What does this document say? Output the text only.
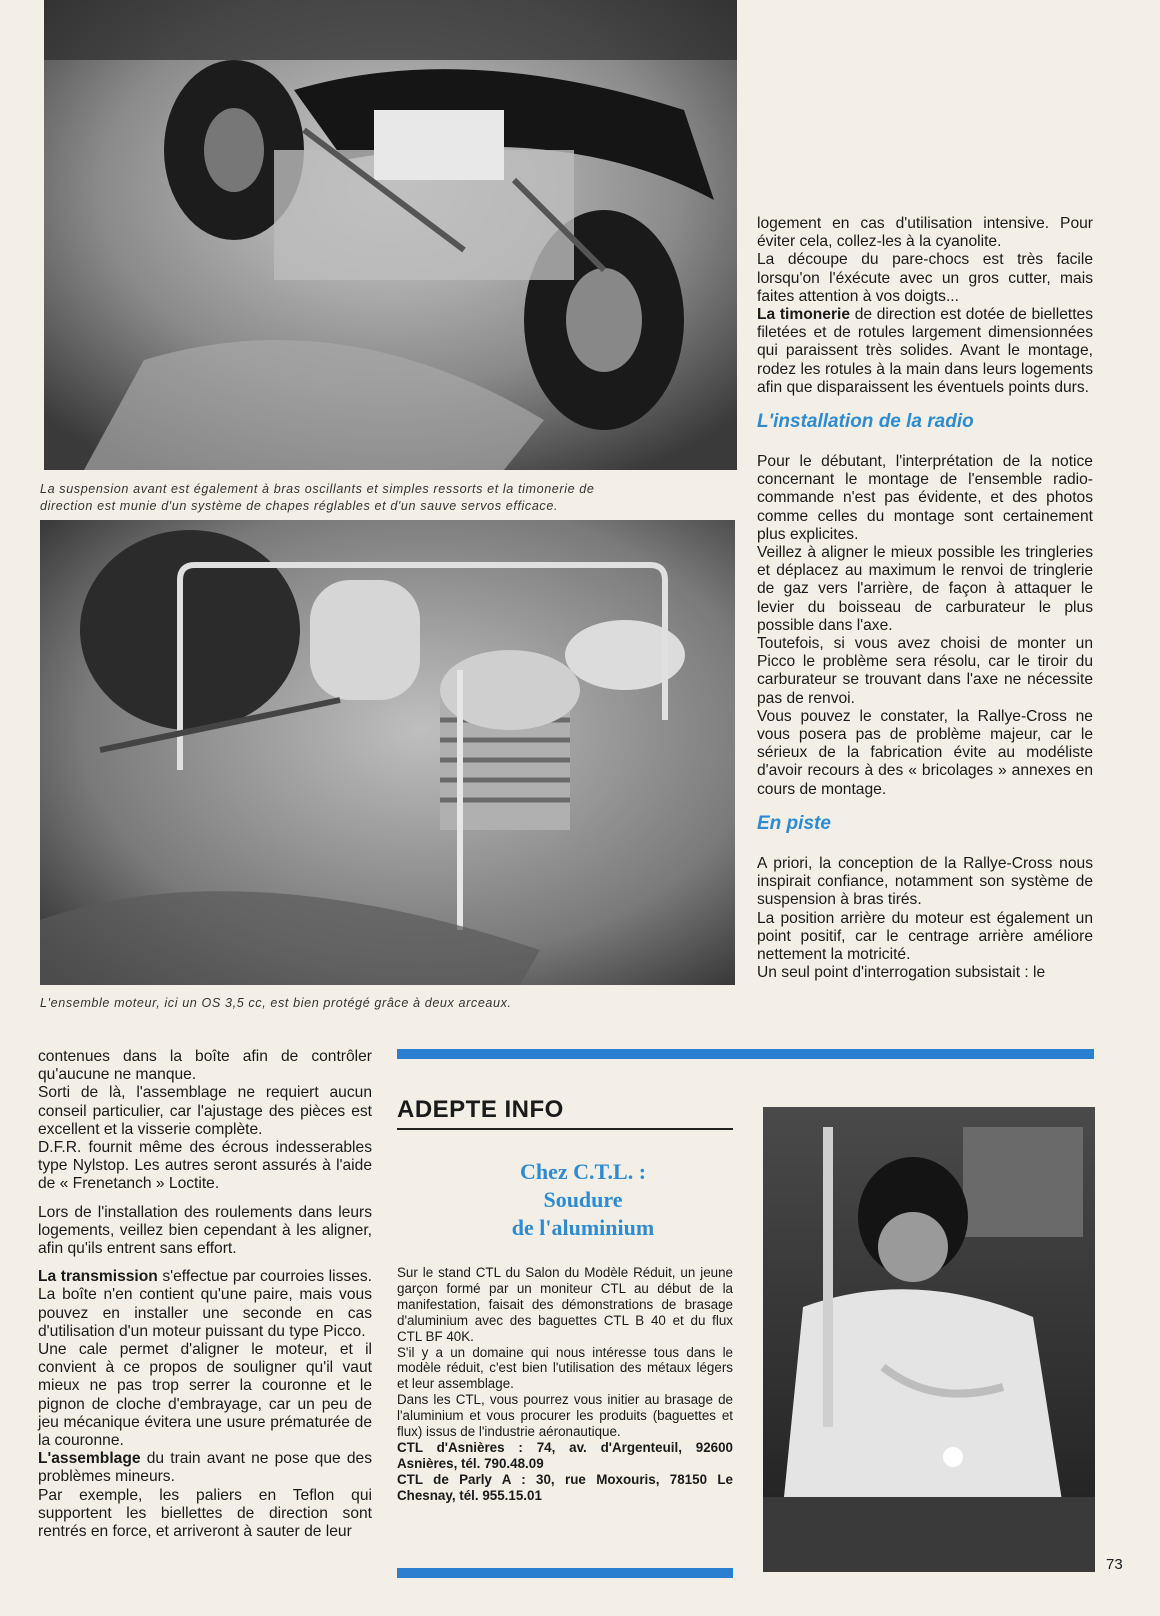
La suspension avant est également à bras oscillants et simples ressorts et la timonerie de
direction est munie d'un système de chapes réglables et d'un sauve servos efficace.
L'ensemble moteur, ici un OS 3,5 cc, est bien protégé grâce à deux arceaux.

logement en cas d'utilisation intensive. Pour éviter cela, collez-les à la cyanolite.

La découpe du pare-chocs est très facile lorsqu'on l'éxécute avec un gros cutter, mais faites attention à vos doigts...

La timonerie de direction est dotée de biellettes filetées et de rotules largement dimensionnées qui paraissent très solides. Avant le montage, rodez les rotules à la main dans leurs logements afin que disparaissent les éventuels points durs.

L'installation de la radio

Pour le débutant, l'interprétation de la notice concernant le montage de l'ensemble radio-commande n'est pas évidente, et des photos comme celles du montage sont certainement plus explicites.

Veillez à aligner le mieux possible les tringleries et déplacez au maximum le renvoi de tringlerie de gaz vers l'arrière, de façon à attaquer le levier du boisseau de carburateur le plus possible dans l'axe.

Toutefois, si vous avez choisi de monter un Picco le problème sera résolu, car le tiroir du carburateur se trouvant dans l'axe ne nécessite pas de renvoi.

Vous pouvez le constater, la Rallye-Cross ne vous posera pas de problème majeur, car le sérieux de la fabrication évite au modéliste d'avoir recours à des « bricolages » annexes en cours de montage.

En piste

A priori, la conception de la Rallye-Cross nous inspirait confiance, notamment son système de suspension à bras tirés.

La position arrière du moteur est également un point positif, car le centrage arrière améliore nettement la motricité.

Un seul point d'interrogation subsistait : le

contenues dans la boîte afin de contrôler qu'aucune ne manque.

Sorti de là, l'assemblage ne requiert aucun conseil particulier, car l'ajustage des pièces est excellent et la visserie complète.

D.F.R. fournit même des écrous indesserables type Nylstop. Les autres seront assurés à l'aide de « Frenetanch » Loctite.

Lors de l'installation des roulements dans leurs logements, veillez bien cependant à les aligner, afin qu'ils entrent sans effort.

La transmission s'effectue par courroies lisses. La boîte n'en contient qu'une paire, mais vous pouvez en installer une seconde en cas d'utilisation d'un moteur puissant du type Picco.

Une cale permet d'aligner le moteur, et il convient à ce propos de souligner qu'il vaut mieux ne pas trop serrer la couronne et le pignon de cloche d'embrayage, car un peu de jeu mécanique évitera une usure prématurée de la couronne.

L'assemblage du train avant ne pose que des problèmes mineurs.

Par exemple, les paliers en Teflon qui supportent les biellettes de direction sont rentrés en force, et arriveront à sauter de leur

ADEPTE INFO
Chez C.T.L. :
Soudure
de l'aluminium

Sur le stand CTL du Salon du Modèle Réduit, un jeune garçon formé par un moniteur CTL au début de la manifestation, faisait des démonstrations de brasage d'aluminium avec des baguettes CTL B 40 et du flux CTL BF 40K.

S'il y a un domaine qui nous intéresse tous dans le modèle réduit, c'est bien l'utilisation des métaux légers et leur assemblage.

Dans les CTL, vous pourrez vous initier au brasage de l'aluminium et vous procurer les produits (baguettes et flux) issus de l'industrie aéronautique.

CTL d'Asnières : 74, av. d'Argenteuil, 92600 Asnières, tél. 790.48.09

CTL de Parly A : 30, rue Moxouris, 78150 Le Chesnay, tél. 955.15.01

73
